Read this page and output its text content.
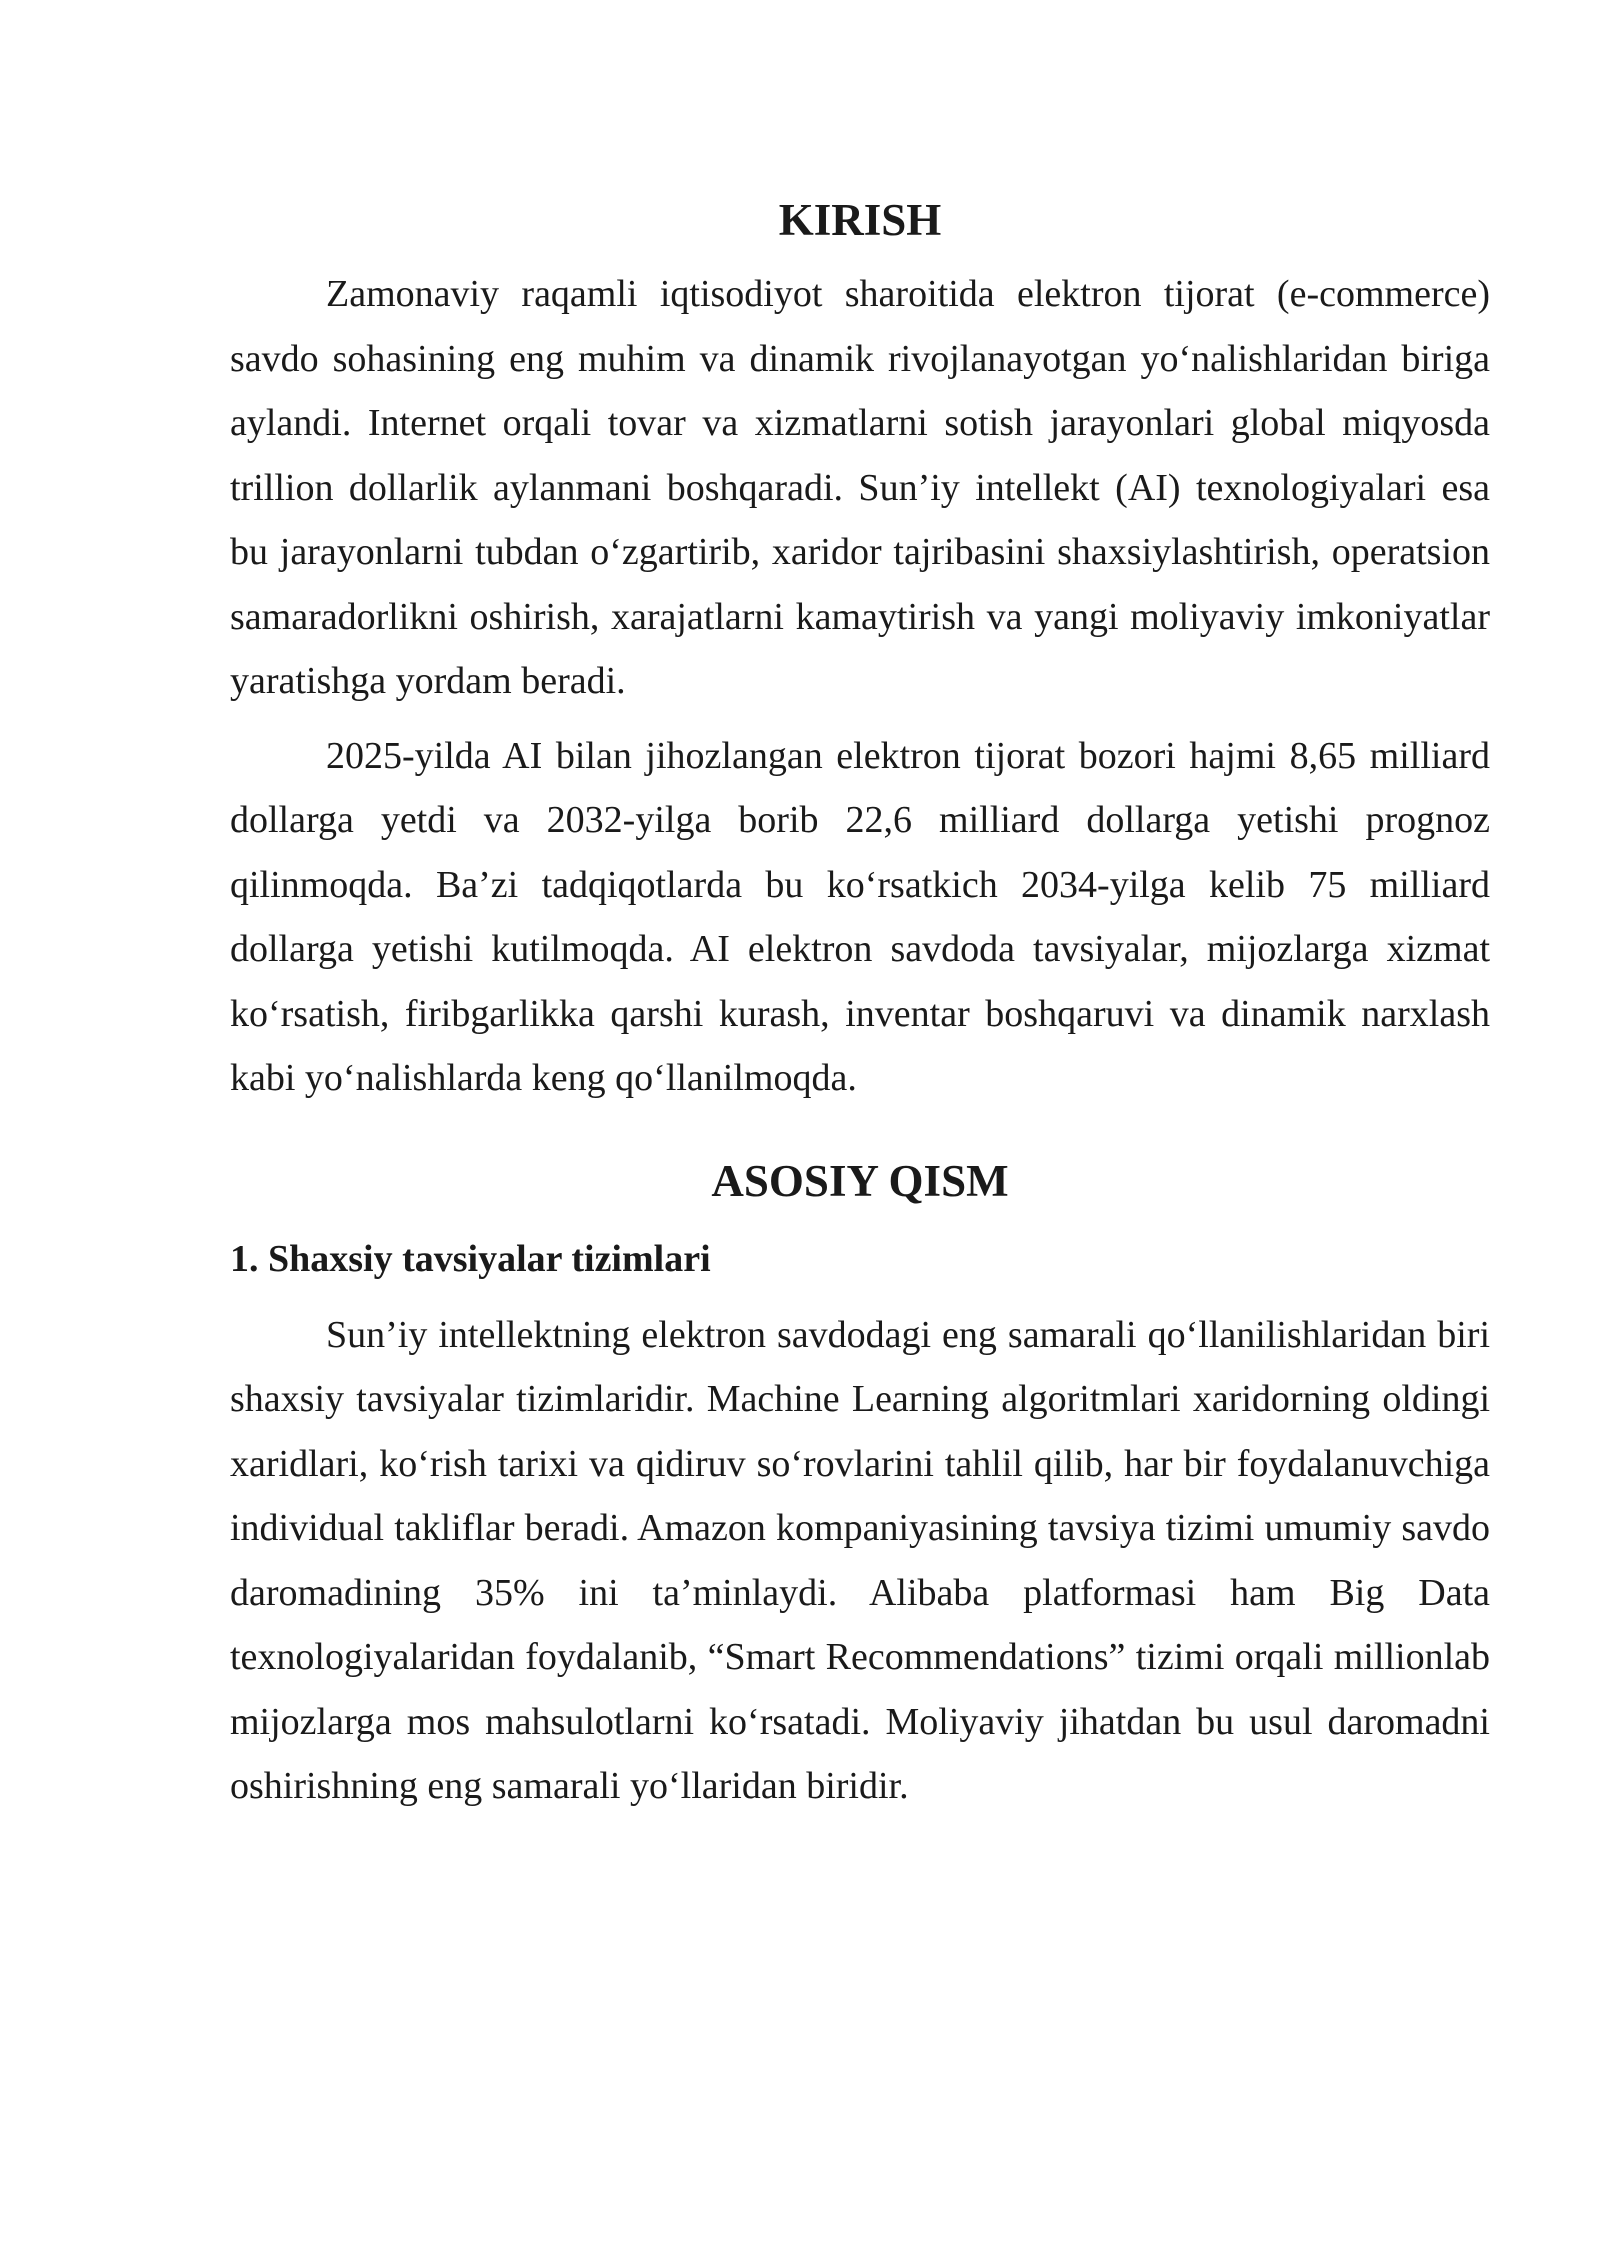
KIRISH

Zamonaviy raqamli iqtisodiyot sharoitida elektron tijorat (e-commerce) savdo sohasining eng muhim va dinamik rivojlanayotgan yo‘nalishlaridan biriga aylandi. Internet orqali tovar va xizmatlarni sotish jarayonlari global miqyosda trillion dollarlik aylanmani boshqaradi. Sun’iy intellekt (AI) texnologiyalari esa bu jarayonlarni tubdan o‘zgartirib, xaridor tajribasini shaxsiylashtirish, operatsion samaradorlikni oshirish, xarajatlarni kamaytirish va yangi moliyaviy imkoniyatlar yaratishga yordam beradi.

2025-yilda AI bilan jihozlangan elektron tijorat bozori hajmi 8,65 milliard dollarga yetdi va 2032-yilga borib 22,6 milliard dollarga yetishi prognoz qilinmoqda. Ba’zi tadqiqotlarda bu ko‘rsatkich 2034-yilga kelib 75 milliard dollarga yetishi kutilmoqda. AI elektron savdoda tavsiyalar, mijozlarga xizmat ko‘rsatish, firibgarlikka qarshi kurash, inventar boshqaruvi va dinamik narxlash kabi yo‘nalishlarda keng qo‘llanilmoqda.

ASOSIY QISM
1. Shaxsiy tavsiyalar tizimlari

Sun’iy intellektning elektron savdodagi eng samarali qo‘llanilishlaridan biri shaxsiy tavsiyalar tizimlaridir. Machine Learning algoritmlari xaridorning oldingi xaridlari, ko‘rish tarixi va qidiruv so‘rovlarini tahlil qilib, har bir foydalanuvchiga individual takliflar beradi. Amazon kompaniyasining tavsiya tizimi umumiy savdo daromadining 35% ini ta’minlaydi. Alibaba platformasi ham Big Data texnologiyalaridan foydalanib, “Smart Recommendations” tizimi orqali millionlab mijozlarga mos mahsulotlarni ko‘rsatadi. Moliyaviy jihatdan bu usul daromadni oshirishning eng samarali yo‘llaridan biridir.
